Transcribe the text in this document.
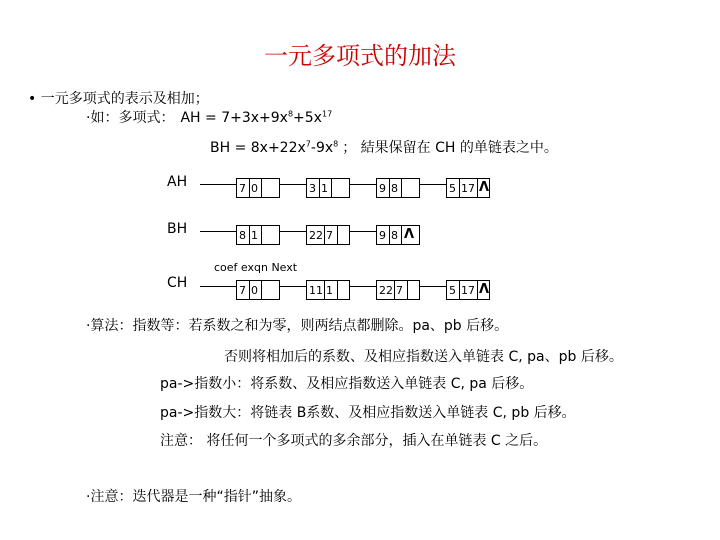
一元多项式的加法
• 一元多项式的表示及相加；
·如：多项式： AH = $7+3x+9x^8+5x^{17}$
BH = $8x+22x^7-9x^8$ ； 結果保留在 CH 的单链表之中。
AH
BH
CH
7 0	3 1	9 8	5 17 Λ
8 1	22 7	9 8 Λ
7 0	11 1	22 7	5 17 Λ
coef exqn Next
·算法：指数等：若系数之和为零，则两结点都删除。pa、pb 后移。
否则将相加后的系数、及相应指数送入单链表 C, pa、pb 后移。
pa->指数小：将系数、及相应指数送入单链表 C, pa 后移。
pa->指数大：将链表 B系数、及相应指数送入单链表 C, pb 后移。
注意： 将任何一个多项式的多余部分，插入在单链表 C 之后。
·注意：迭代器是一种“指针”抽象。
